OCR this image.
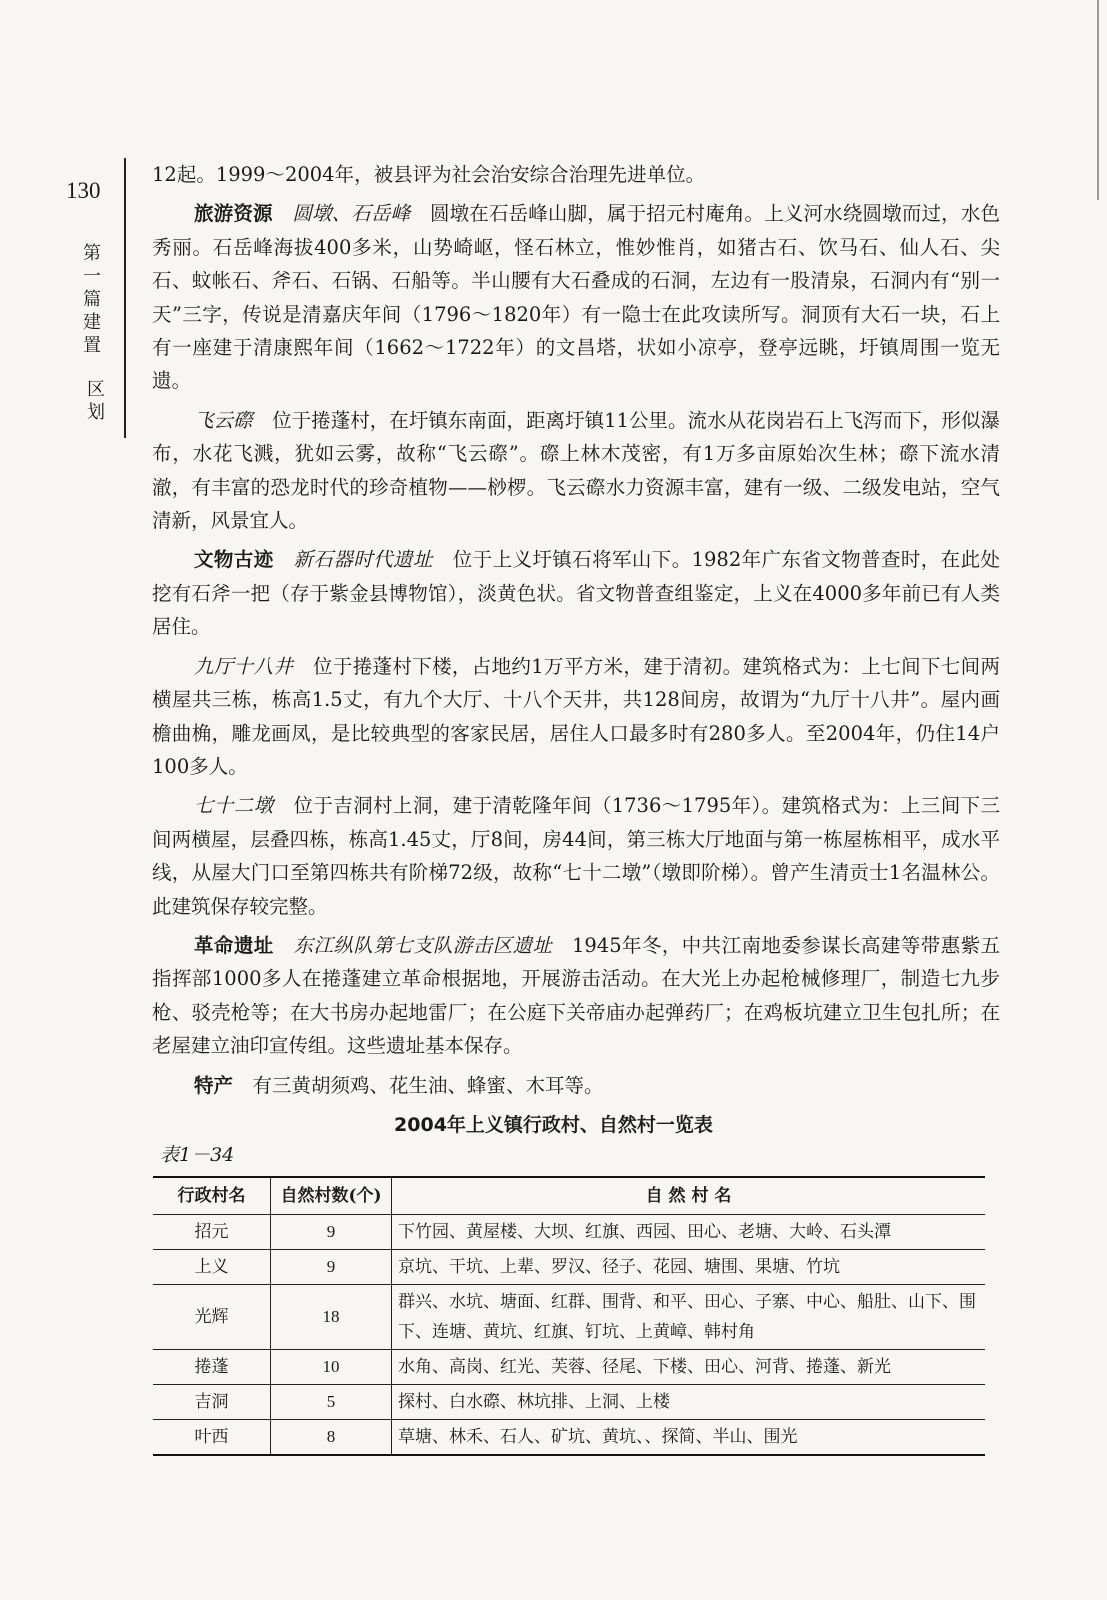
130
第一篇 建置
区划

12起。1999～2004年，被县评为社会治安综合治理先进单位。

旅游资源  圆墩、石岳峰  圆墩在石岳峰山脚，属于招元村庵角。上义河水绕圆墩而过，水色秀丽。石岳峰海拔400多米，山势崎岖，怪石林立，惟妙惟肖，如猪古石、饮马石、仙人石、尖石、蚊帐石、斧石、石锅、石船等。半山腰有大石叠成的石洞，左边有一股清泉，石洞内有“别一天”三字，传说是清嘉庆年间（1796～1820年）有一隐士在此攻读所写。洞顶有大石一块，石上有一座建于清康熙年间（1662～1722年）的文昌塔，状如小凉亭，登亭远眺，圩镇周围一览无遗。

飞云磜  位于捲蓬村，在圩镇东南面，距离圩镇11公里。流水从花岗岩石上飞泻而下，形似瀑布，水花飞溅，犹如云雾，故称“飞云磜”。磜上林木茂密，有1万多亩原始次生林；磜下流水清澈，有丰富的恐龙时代的珍奇植物——桫椤。飞云磜水力资源丰富，建有一级、二级发电站，空气清新，风景宜人。

文物古迹  新石器时代遗址  位于上义圩镇石将军山下。1982年广东省文物普查时，在此处挖有石斧一把（存于紫金县博物馆），淡黄色状。省文物普查组鉴定，上义在4000多年前已有人类居住。

九厅十八井  位于捲蓬村下楼，占地约1万平方米，建于清初。建筑格式为：上七间下七间两横屋共三栋，栋高1.5丈，有九个大厅、十八个天井，共128间房，故谓为“九厅十八井”。屋内画檐曲桷，雕龙画凤，是比较典型的客家民居，居住人口最多时有280多人。至2004年，仍住14户100多人。

七十二墩  位于吉洞村上洞，建于清乾隆年间（1736～1795年）。建筑格式为：上三间下三间两横屋，层叠四栋，栋高1.45丈，厅8间，房44间，第三栋大厅地面与第一栋屋栋相平，成水平线，从屋大门口至第四栋共有阶梯72级，故称“七十二墩”（墩即阶梯）。曾产生清贡士1名温林公。此建筑保存较完整。

革命遗址  东江纵队第七支队游击区遗址  1945年冬，中共江南地委参谋长高建等带惠紫五指挥部1000多人在捲蓬建立革命根据地，开展游击活动。在大光上办起枪械修理厂，制造七九步枪、驳壳枪等；在大书房办起地雷厂；在公庭下关帝庙办起弹药厂；在鸡板坑建立卫生包扎所；在老屋建立油印宣传组。这些遗址基本保存。

特产  有三黄胡须鸡、花生油、蜂蜜、木耳等。

2004年上义镇行政村、自然村一览表
表1－34
行政村名	自然村数(个)	自 然 村 名
招元	9	下竹园、黄屋楼、大坝、红旗、西园、田心、老塘、大岭、石头潭
上义	9	京坑、干坑、上辈、罗汉、径子、花园、塘围、果塘、竹坑
光辉	18	群兴、水坑、塘面、红群、围背、和平、田心、子寨、中心、船肚、山下、围下、连塘、黄坑、红旗、钉坑、上黄嶂、韩村角
捲蓬	10	水角、高岗、红光、芙蓉、径尾、下楼、田心、河背、捲蓬、新光
吉洞	5	探村、白水磜、林坑排、上洞、上楼
叶西	8	草塘、林禾、石人、矿坑、黄坑、、探简、半山、围光
